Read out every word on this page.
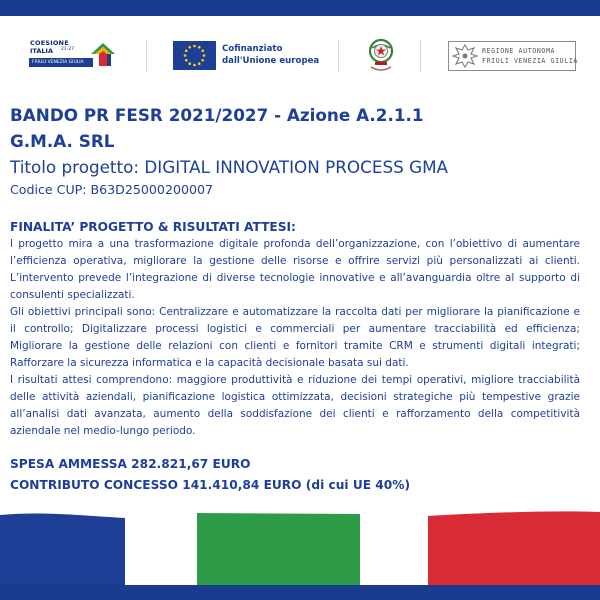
COESIONE
ITALIA 21-27
FRIULI VENEZIA GIULIA
Cofinanziato
dall'Unione europea
REGIONE AUTONOMA
FRIULI VENEZIA GIULIA
BANDO PR FESR 2021/2027 - Azione A.2.1.1
G.M.A. SRL
Titolo progetto: DIGITAL INNOVATION PROCESS GMA
Codice CUP: B63D25000200007
FINALITA’ PROGETTO & RISULTATI ATTESI:

l progetto mira a una trasformazione digitale profonda dell’organizzazione, con l’obiettivo di aumentare l’efficienza operativa, migliorare la gestione delle risorse e offrire servizi più personalizzati ai clienti. L’intervento prevede l’integrazione di diverse tecnologie innovative e all’avanguardia oltre al supporto di consulenti specializzati.

Gli obiettivi principali sono: Centralizzare e automatizzare la raccolta dati per migliorare la pianificazione e il controllo; Digitalizzare processi logistici e commerciali per aumentare tracciabilità ed efficienza; Migliorare la gestione delle relazioni con clienti e fornitori tramite CRM e strumenti digitali integrati; Rafforzare la sicurezza informatica e la capacità decisionale basata sui dati.

I risultati attesi comprendono: maggiore produttività e riduzione dei tempi operativi, migliore tracciabilità delle attività aziendali, pianificazione logistica ottimizzata, decisioni strategiche più tempestive grazie all’analisi dati avanzata, aumento della soddisfazione dei clienti e rafforzamento della competitività aziendale nel medio-lungo periodo.

SPESA AMMESSA 282.821,67 EURO
CONTRIBUTO CONCESSO 141.410,84 EURO (di cui UE 40%)
